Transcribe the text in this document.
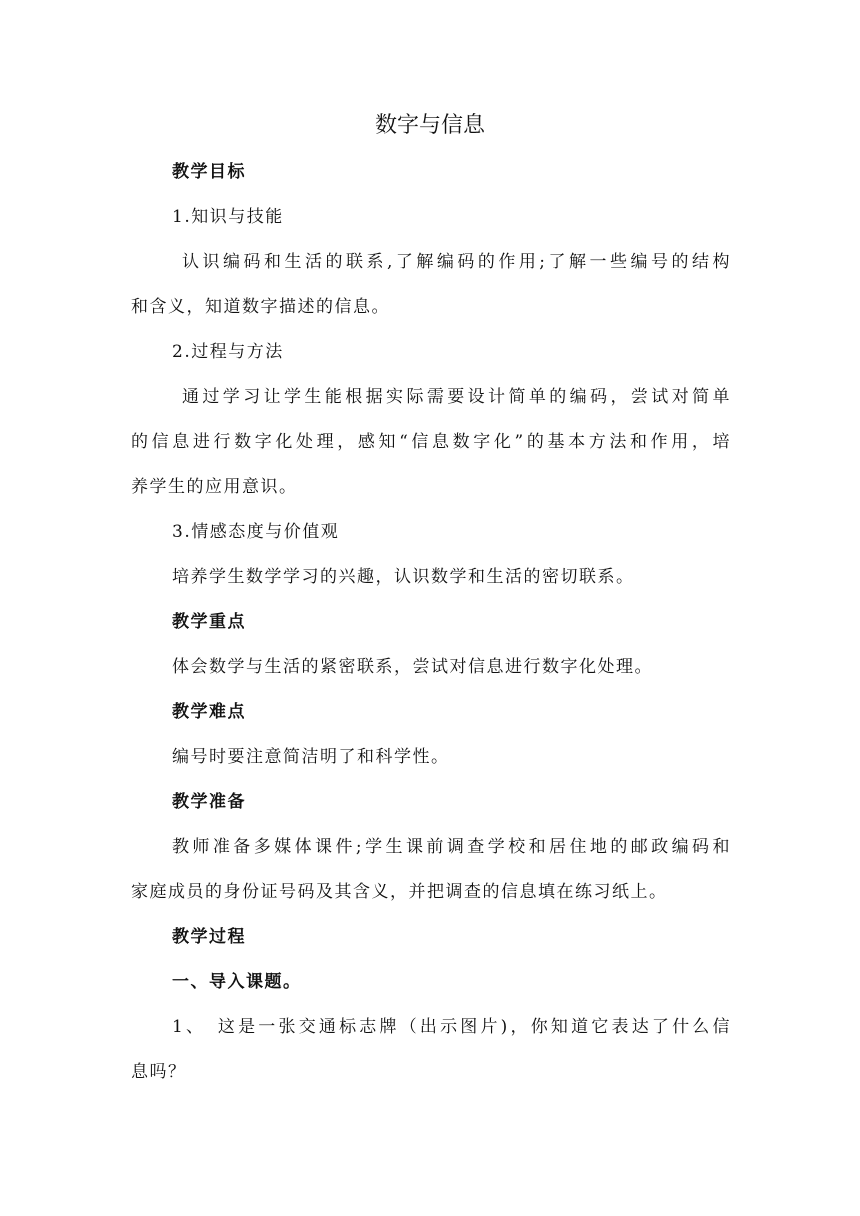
数字与信息
教学目标
1.知识与技能
认识编码和生活的联系,了解编码的作用;了解一些编号的结构
和含义，知道数字描述的信息。
2.过程与方法
通过学习让学生能根据实际需要设计简单的编码，尝试对简单
的信息进行数字化处理，感知“信息数字化”的基本方法和作用，培
养学生的应用意识。
3.情感态度与价值观
培养学生数学学习的兴趣，认识数学和生活的密切联系。
教学重点
体会数学与生活的紧密联系，尝试对信息进行数字化处理。
教学难点
编号时要注意简洁明了和科学性。
教学准备
教师准备多媒体课件;学生课前调查学校和居住地的邮政编码和
家庭成员的身份证号码及其含义，并把调查的信息填在练习纸上。
教学过程
一、导入课题。
1、　这是一张交通标志牌（出示图片)，你知道它表达了什么信
息吗？
